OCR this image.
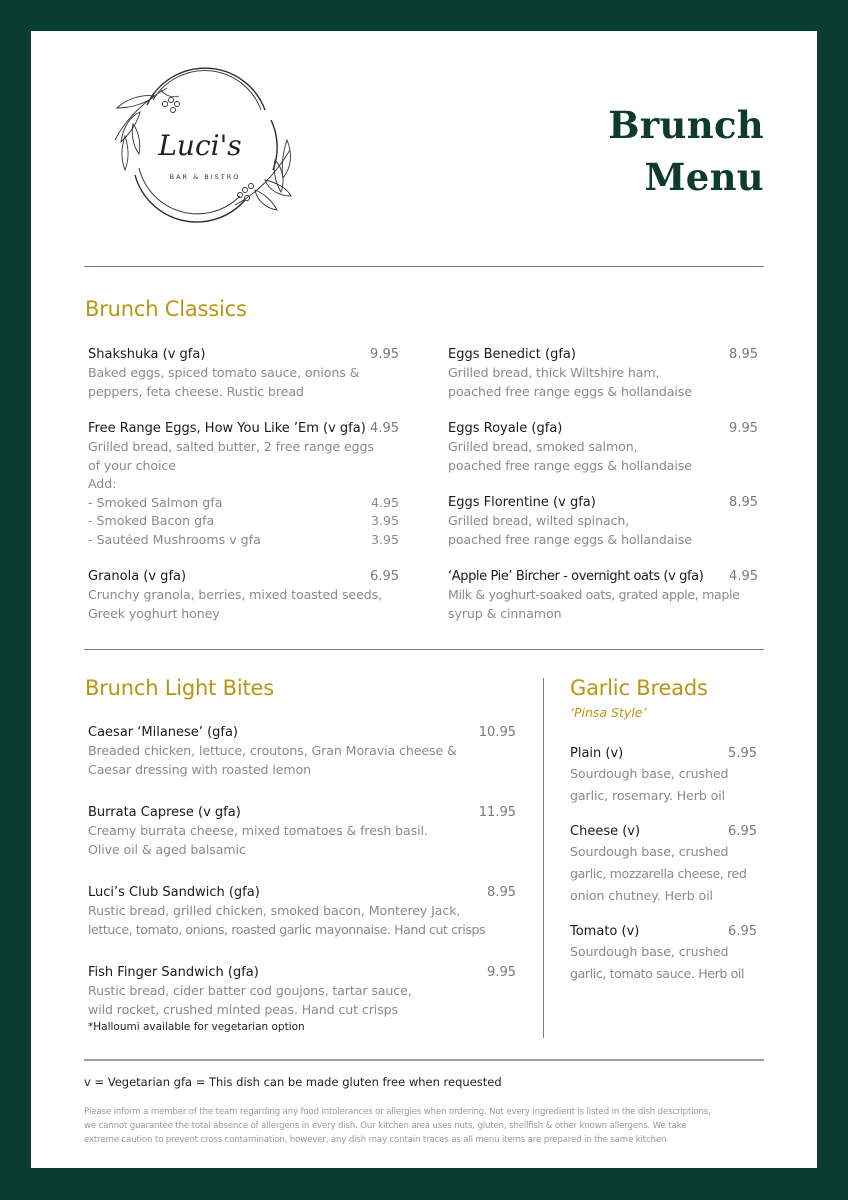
Luci's
BAR & BISTRO
Brunch
Menu
Brunch Classics
Shakshuka (v gfa)	9.95
Baked eggs, spiced tomato sauce, onions &
peppers, feta cheese. Rustic bread
Free Range Eggs, How You Like ’Em (v gfa) 4.95
Grilled bread, salted butter, 2 free range eggs
of your choice
Add:
- Smoked Salmon gfa	4.95
- Smoked Bacon gfa	3.95
- Sautéed Mushrooms v gfa	3.95
Granola (v gfa)	6.95
Crunchy granola, berries, mixed toasted seeds,
Greek yoghurt honey
Eggs Benedict (gfa)	8.95
Grilled bread, thick Wiltshire ham,
poached free range eggs & hollandaise
Eggs Royale (gfa)	9.95
Grilled bread, smoked salmon,
poached free range eggs & hollandaise
Eggs Florentine (v gfa)	8.95
Grilled bread, wilted spinach,
poached free range eggs & hollandaise
‘Apple Pie’ Bircher - overnight oats (v gfa) 4.95
Milk & yoghurt-soaked oats, grated apple, maple
syrup & cinnamon
Brunch Light Bites
Caesar ‘Milanese’ (gfa)	10.95
Breaded chicken, lettuce, croutons, Gran Moravia cheese &
Caesar dressing with roasted lemon
Burrata Caprese (v gfa)	11.95
Creamy burrata cheese, mixed tomatoes & fresh basil.
Olive oil & aged balsamic
Luci’s Club Sandwich (gfa)	8.95
Rustic bread, grilled chicken, smoked bacon, Monterey Jack,
lettuce, tomato, onions, roasted garlic mayonnaise. Hand cut crisps
Fish Finger Sandwich (gfa)	9.95
Rustic bread, cider batter cod goujons, tartar sauce,
wild rocket, crushed minted peas. Hand cut crisps
*Halloumi available for vegetarian option
Garlic Breads
‘Pinsa Style’
Plain (v)	5.95
Sourdough base, crushed
garlic, rosemary. Herb oil
Cheese (v)	6.95
Sourdough base, crushed
garlic, mozzarella cheese, red
onion chutney. Herb oil
Tomato (v)	6.95
Sourdough base, crushed
garlic, tomato sauce. Herb oil
v = Vegetarian gfa = This dish can be made gluten free when requested
Please inform a member of the team regarding any food intolerances or allergies when ordering. Not every ingredient is listed in the dish descriptions,
we cannot guarantee the total absence of allergens in every dish. Our kitchen area uses nuts, gluten, shellfish & other known allergens. We take
extreme caution to prevent cross contamination, however, any dish may contain traces as all menu items are prepared in the same kitchen
